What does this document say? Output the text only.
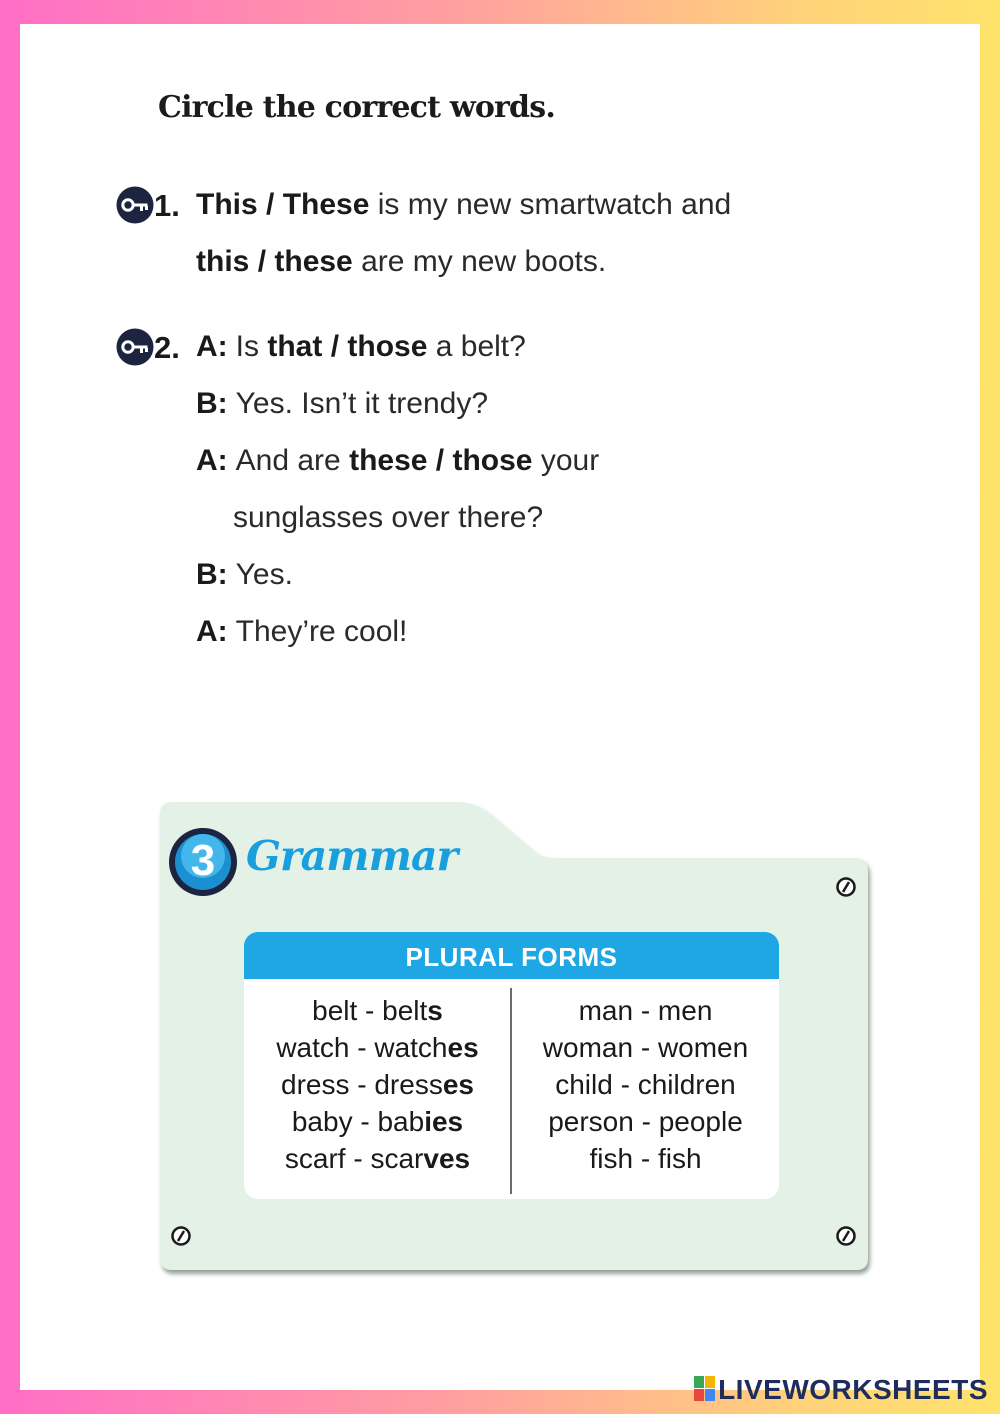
Circle the correct words.
1. This / These is my new smartwatch and
this / these are my new boots.
2. A: Is that / those a belt?
B: Yes. Isn’t it trendy?
A: And are these / those your
sunglasses over there?
B: Yes.
A: They’re cool!
3 Grammar
PLURAL FORMS
belt - belts
watch - watches
dress - dresses
baby - babies
scarf - scarves
man - men
woman - women
child - children
person - people
fish - fish
LIVEWORKSHEETS
